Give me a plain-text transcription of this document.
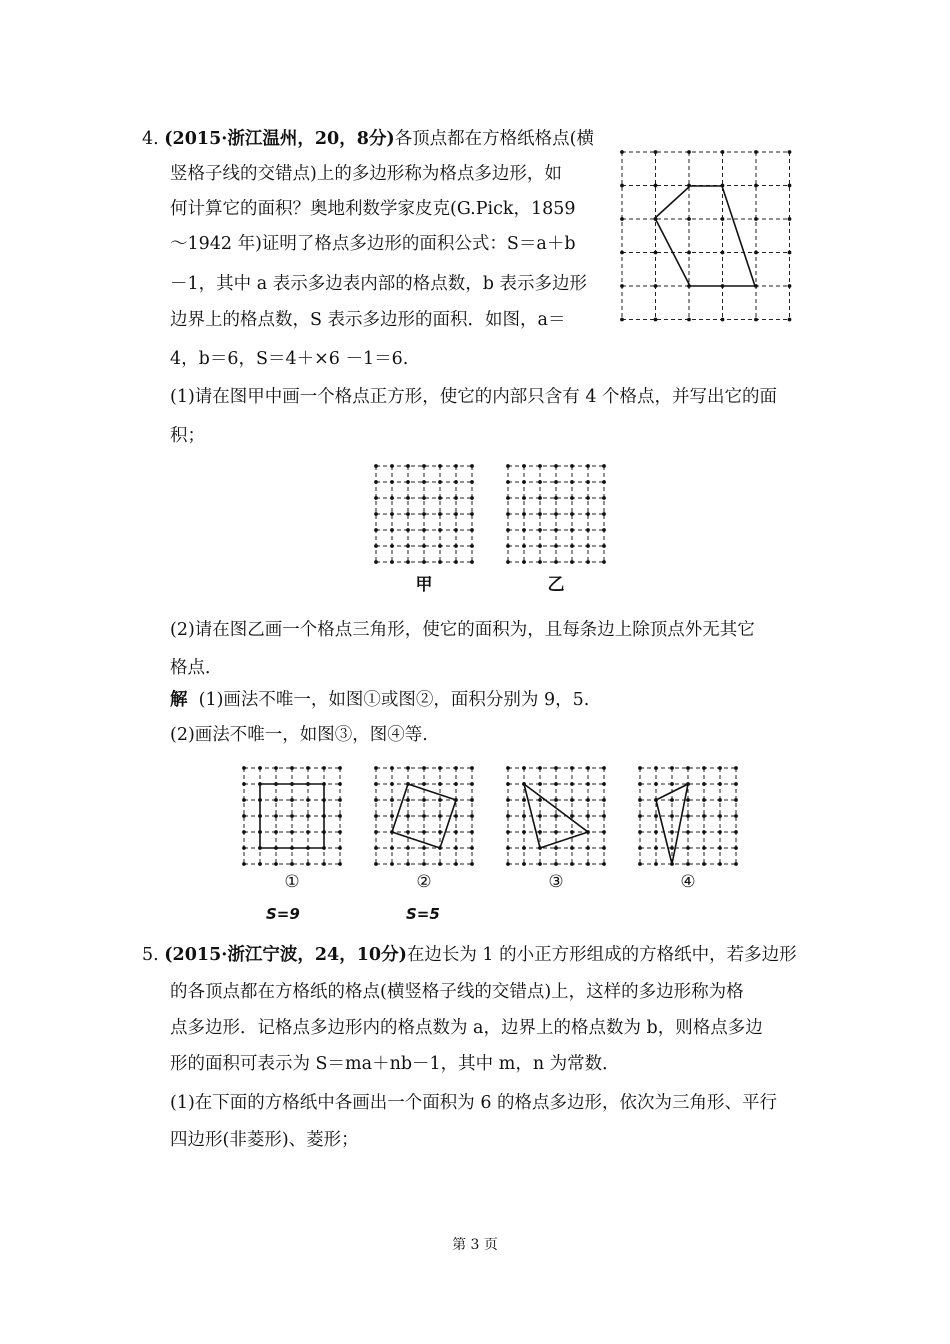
4. (2015·浙江温州，20，8分)各顶点都在方格纸格点(横
竖格子线的交错点)上的多边形称为格点多边形，如
何计算它的面积？奥地利数学家皮克(G.Pick，1859
～1942 年)证明了格点多边形的面积公式：S＝a＋b
－1，其中 a 表示多边表内部的格点数，b 表示多边形
边界上的格点数，S 表示多边形的面积．如图，a＝
4，b＝6，S＝4＋×6 －1＝6.
(1)请在图甲中画一个格点正方形，使它的内部只含有 4 个格点，并写出它的面
积；
甲	乙
(2)请在图乙画一个格点三角形，使它的面积为，且每条边上除顶点外无其它
格点．
解 (1)画法不唯一，如图①或图②，面积分别为 9，5.
(2)画法不唯一，如图③，图④等.
①	②	③	④
S=9	S=5
5. (2015·浙江宁波，24，10分)在边长为 1 的小正方形组成的方格纸中，若多边形
的各顶点都在方格纸的格点(横竖格子线的交错点)上，这样的多边形称为格
点多边形．记格点多边形内的格点数为 a，边界上的格点数为 b，则格点多边
形的面积可表示为 S＝ma＋nb－1，其中 m，n 为常数．
(1)在下面的方格纸中各画出一个面积为 6 的格点多边形，依次为三角形、平行
四边形(非菱形)、菱形；
第 3 页
